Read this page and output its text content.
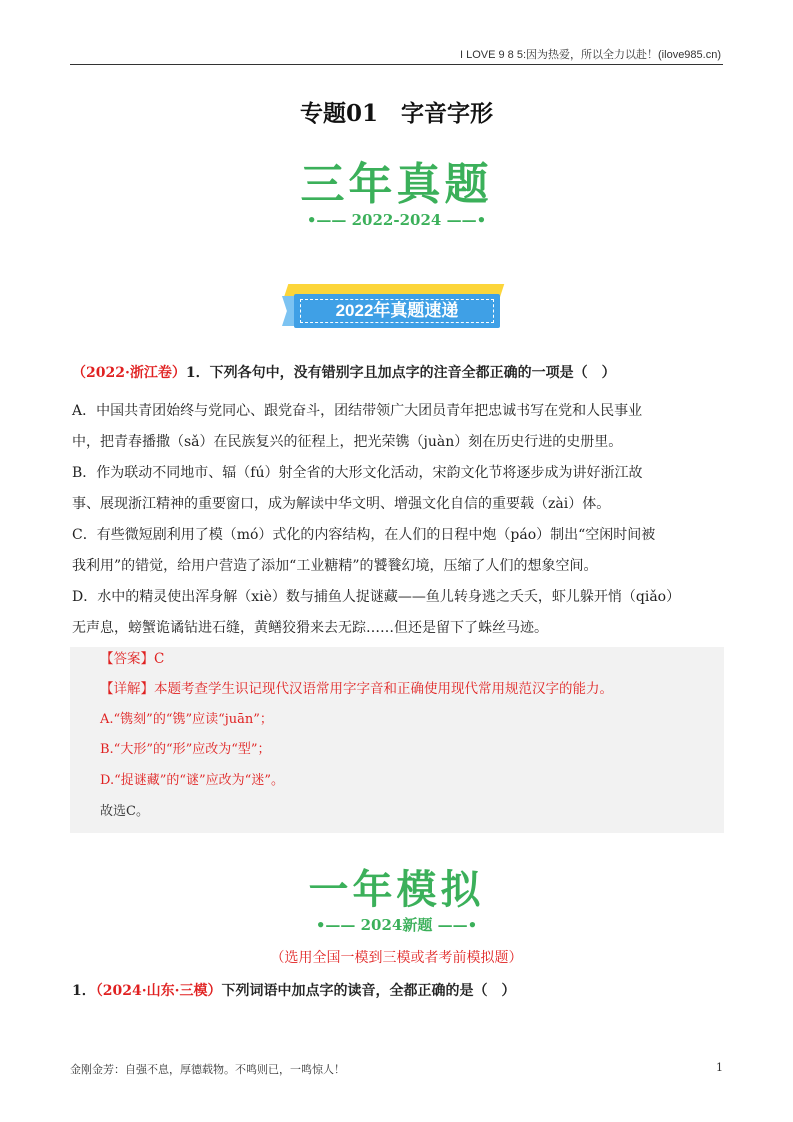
I LOVE 9 8 5:因为热爱，所以全力以赴！(ilove985.cn)
专题01　字音字形
三年真题
•—— 2022-2024 ——•
2022年真题速递
（2022·浙江卷）1．下列各句中，没有错别字且加点字的注音全都正确的一项是（　）
A．中国共青团始终与党同心、跟党奋斗，团结带领广大团员青年把忠诚书写在党和人民事业
中，把青春播撒（sǎ）在民族复兴的征程上，把光荣镌（juàn）刻在历史行进的史册里。
B．作为联动不同地市、辐（fú）射全省的大形文化活动，宋韵文化节将逐步成为讲好浙江故
事、展现浙江精神的重要窗口，成为解读中华文明、增强文化自信的重要载（zài）体。
C．有些微短剧利用了模（mó）式化的内容结构，在人们的日程中炮（páo）制出“空闲时间被
我利用”的错觉，给用户营造了添加“工业糖精”的饕餮幻境，压缩了人们的想象空间。
D．水中的精灵使出浑身解（xiè）数与捕鱼人捉谜藏——鱼儿转身逃之夭夭，虾儿躲开悄（qiǎo）
无声息，螃蟹诡谲钻进石缝，黄鳝狡猾来去无踪……但还是留下了蛛丝马迹。
【答案】C
【详解】本题考查学生识记现代汉语常用字字音和正确使用现代常用规范汉字的能力。
A.“镌刻”的“镌”应读“juān”；
B.“大形”的“形”应改为“型”；
D.“捉谜藏”的“谜”应改为“迷”。
故选C。
一年模拟
•—— 2024新题 ——•
（选用全国一模到三模或者考前模拟题）
1．（2024·山东·三模）下列词语中加点字的读音，全都正确的是（　）
金刚金芳：自强不息，厚德载物。不鸣则已，一鸣惊人！	1
